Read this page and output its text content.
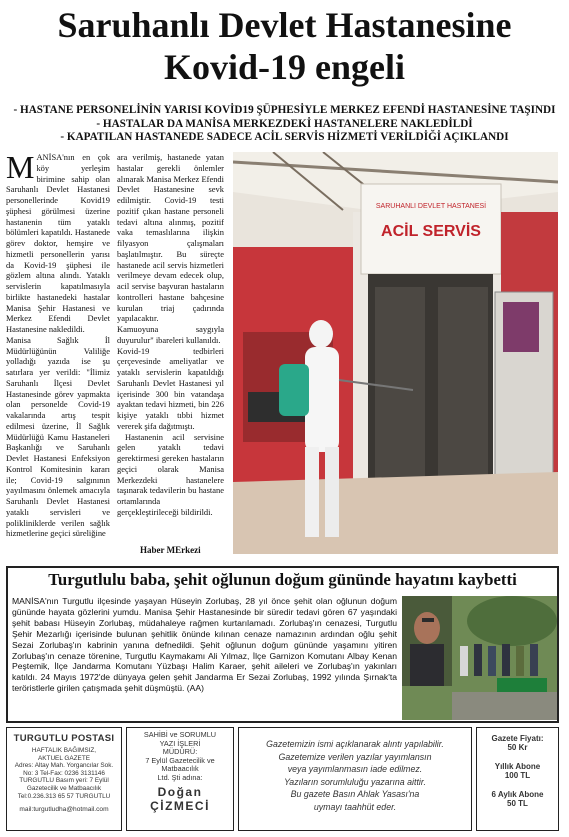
Saruhanlı Devlet Hastanesine
Kovid-19 engeli
- HASTANE PERSONELİNİN YARISI KOVİD19 ŞÜPHESİYLE MERKEZ EFENDİ HASTANESİNE TAŞINDI
- HASTALAR DA MANİSA MERKEZDEKİ HASTANELERE NAKLEDİLDİ
- KAPATILAN HASTANEDE SADECE ACİL SERVİS HİZMETİ VERİLDİĞİ AÇIKLANDI

MANİSA'nın en çok köy yerleşim birimine sahip olan Saruhanlı Devlet Hastanesi personellerinde Kovid19 şüphesi görülmesi üzerine hastanenin tüm yataklı bölümleri kapatıldı. Hastanede görev doktor, hemşire ve hizmetli personellerin yarısı da Kovid-19 şüphesi ile gözlem altına alındı. Yataklı servislerin kapatılmasıyla birlikte hastanedeki hastalar Manisa Şehir Hastanesi ve Merkez Efendi Devlet Hastanesine nakledildi.

Manisa Sağlık İl Müdürlüğünün Valiliğe yolladığı yazıda ise şu satırlara yer verildi: "İlimiz Saruhanlı İlçesi Devlet Hastanesinde görev yapmakta olan personelde Covid-19 vakalarında artış tespit edilmesi üzerine, İl Sağlık Müdürlüğü Kamu Hastaneleri Başkanlığı ve Saruhanlı Devlet Hastanesi Enfeksiyon Kontrol Komitesinin kararı ile; Covid-19 salgınının yayılmasını önlemek amacıyla Saruhanlı Devlet Hastanesi yataklı servisleri ve polikliniklerde verilen sağlık hizmetlerine geçici süreliğine

ara verilmiş, hastanede yatan hastalar gerekli önlemler alınarak Manisa Merkez Efendi Devlet Hastanesine sevk edilmiştir. Covid-19 testi pozitif çıkan hastane personeli tedavi altına alınmış, pozitif vaka temaslılarına ilişkin filyasyon çalışmaları başlatılmıştır. Bu süreçte hastanede acil servis hizmetleri verilmeye devam edecek olup, acil servise başvuran hastaların kontrolleri hastane bahçesine kurulan triaj çadırında yapılacaktır.

Kamuoyuna saygıyla duyurulur" ibareleri kullanıldı.

Kovid-19 tedbirleri çerçevesinde ameliyatlar ve yataklı servislerin kapatıldığı Saruhanlı Devlet Hastanesi yıl içerisinde 300 bin vatandaşa ayaktan tedavi hizmeti, bin 226 kişiye yataklı tıbbi hizmet vererek şifa dağıtmıştı.

Hastanenin acil servisine gelen yataklı tedavi gerektirmesi gereken hastaların geçici olarak Manisa Merkezdeki hastanelere taşınarak tedavilerin bu hastane ortamlarında gerçekleştirileceği bildirildi.

Haber MErkezi
SARUHANLI DEVLET HASTANESİ
ACİL SERVİS
Turgutlulu baba, şehit oğlunun doğum gününde hayatını kaybetti
MANİSA'nın Turgutlu ilçesinde yaşayan Hüseyin Zorlubaş, 28 yıl önce şehit olan oğlunun doğum gününde hayata gözlerini yumdu. Manisa Şehir Hastanesinde bir süredir tedavi gören 67 yaşındaki şehit babası Hüseyin Zorlubaş, müdahaleye rağmen kurtarılamadı. Zorlubaş'ın cenazesi, Turgutlu Şehir Mezarlığı içerisinde bulunan şehitlik önünde kılınan cenaze namazının ardından oğlu şehit Sezai Zorlubaş'ın kabrinin yanına defnedildi. Şehit oğlunun doğum gününde yaşamını yitiren Zorlubaş'ın cenaze törenine, Turgutlu Kaymakamı Ali Yılmaz, İlçe Garnizon Komutanı Albay Kenan Peştemik, İlçe Jandarma Komutanı Yüzbaşı Halim Karaer, şehit aileleri ve Zorlubaş'ın yakınları katıldı. 24 Mayıs 1972'de dünyaya gelen şehit Jandarma Er Sezai Zorlubaş, 1992 yılında Şırnak'ta teröristlerle girilen çatışmada şehit düşmüştü. (AA)
TURGUTLU POSTASI
HAFTALIK BAĞIMSIZ,
AKTUEL GAZETE
Adres: Altay Mah. Yorgancılar Sok.
No: 3 Tel-Fax: 0236 3131146
TURGUTLU Basım yeri: 7 Eylül
Gazetecilik ve Matbaacılık
Tel:0.236.313 65 57 TURGUTLU
mail:turgutludha@hotmail.com
SAHİBİ ve SORUMLU
YAZI İŞLERİ
MÜDÜRÜ:
7 Eylül Gazetecilik ve
Matbaacılık
Ltd. Şti adına:
Doğan
ÇİZMECİ
Gazetemizin ismi açıklanarak alıntı yapılabilir.
Gazetemize verilen yazılar yayımlansın
veya yayımlanmasın iade edilmez.
Yazıların sorumluluğu yazarına aittir.
Bu gazete Basın Ahlak Yasası'na
uymayı taahhüt eder.
Gazete Fiyatı:
50 Kr
Yıllık Abone
100 TL
6 Aylık Abone
50 TL
